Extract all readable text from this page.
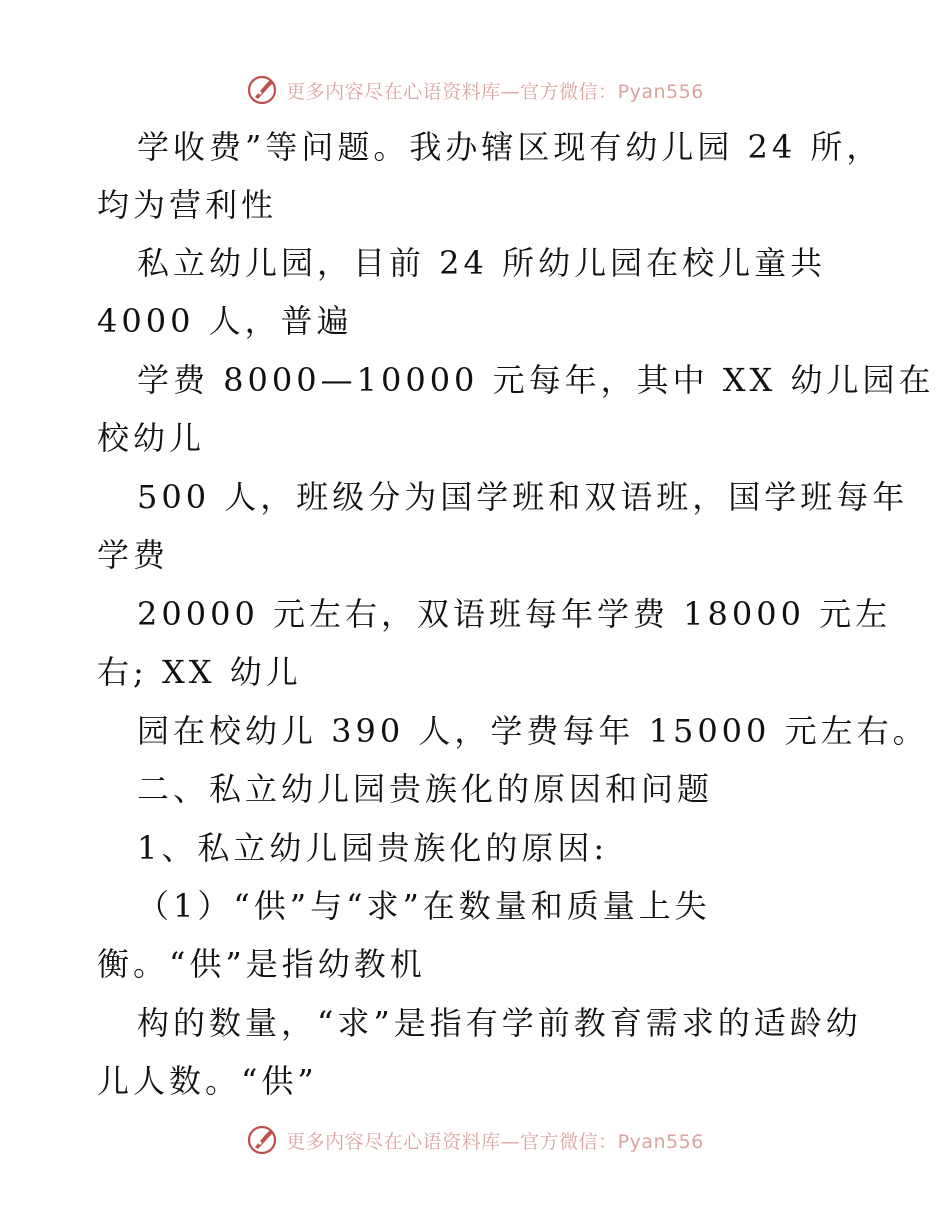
更多内容尽在心语资料库—官方微信：Pyan556
学收费”等问题。我办辖区现有幼儿园 24 所，
均为营利性
私立幼儿园，目前 24 所幼儿园在校儿童共
4000 人，普遍
学费 8000—10000 元每年，其中 XX 幼儿园在
校幼儿
500 人，班级分为国学班和双语班，国学班每年
学费
20000 元左右，双语班每年学费 18000 元左
右; XX 幼儿
园在校幼儿 390 人，学费每年 15000 元左右。
二、私立幼儿园贵族化的原因和问题
1、私立幼儿园贵族化的原因:
（1）“供”与“求”在数量和质量上失
衡。“供”是指幼教机
构的数量，“求”是指有学前教育需求的适龄幼
儿人数。“供”
更多内容尽在心语资料库—官方微信：Pyan556
